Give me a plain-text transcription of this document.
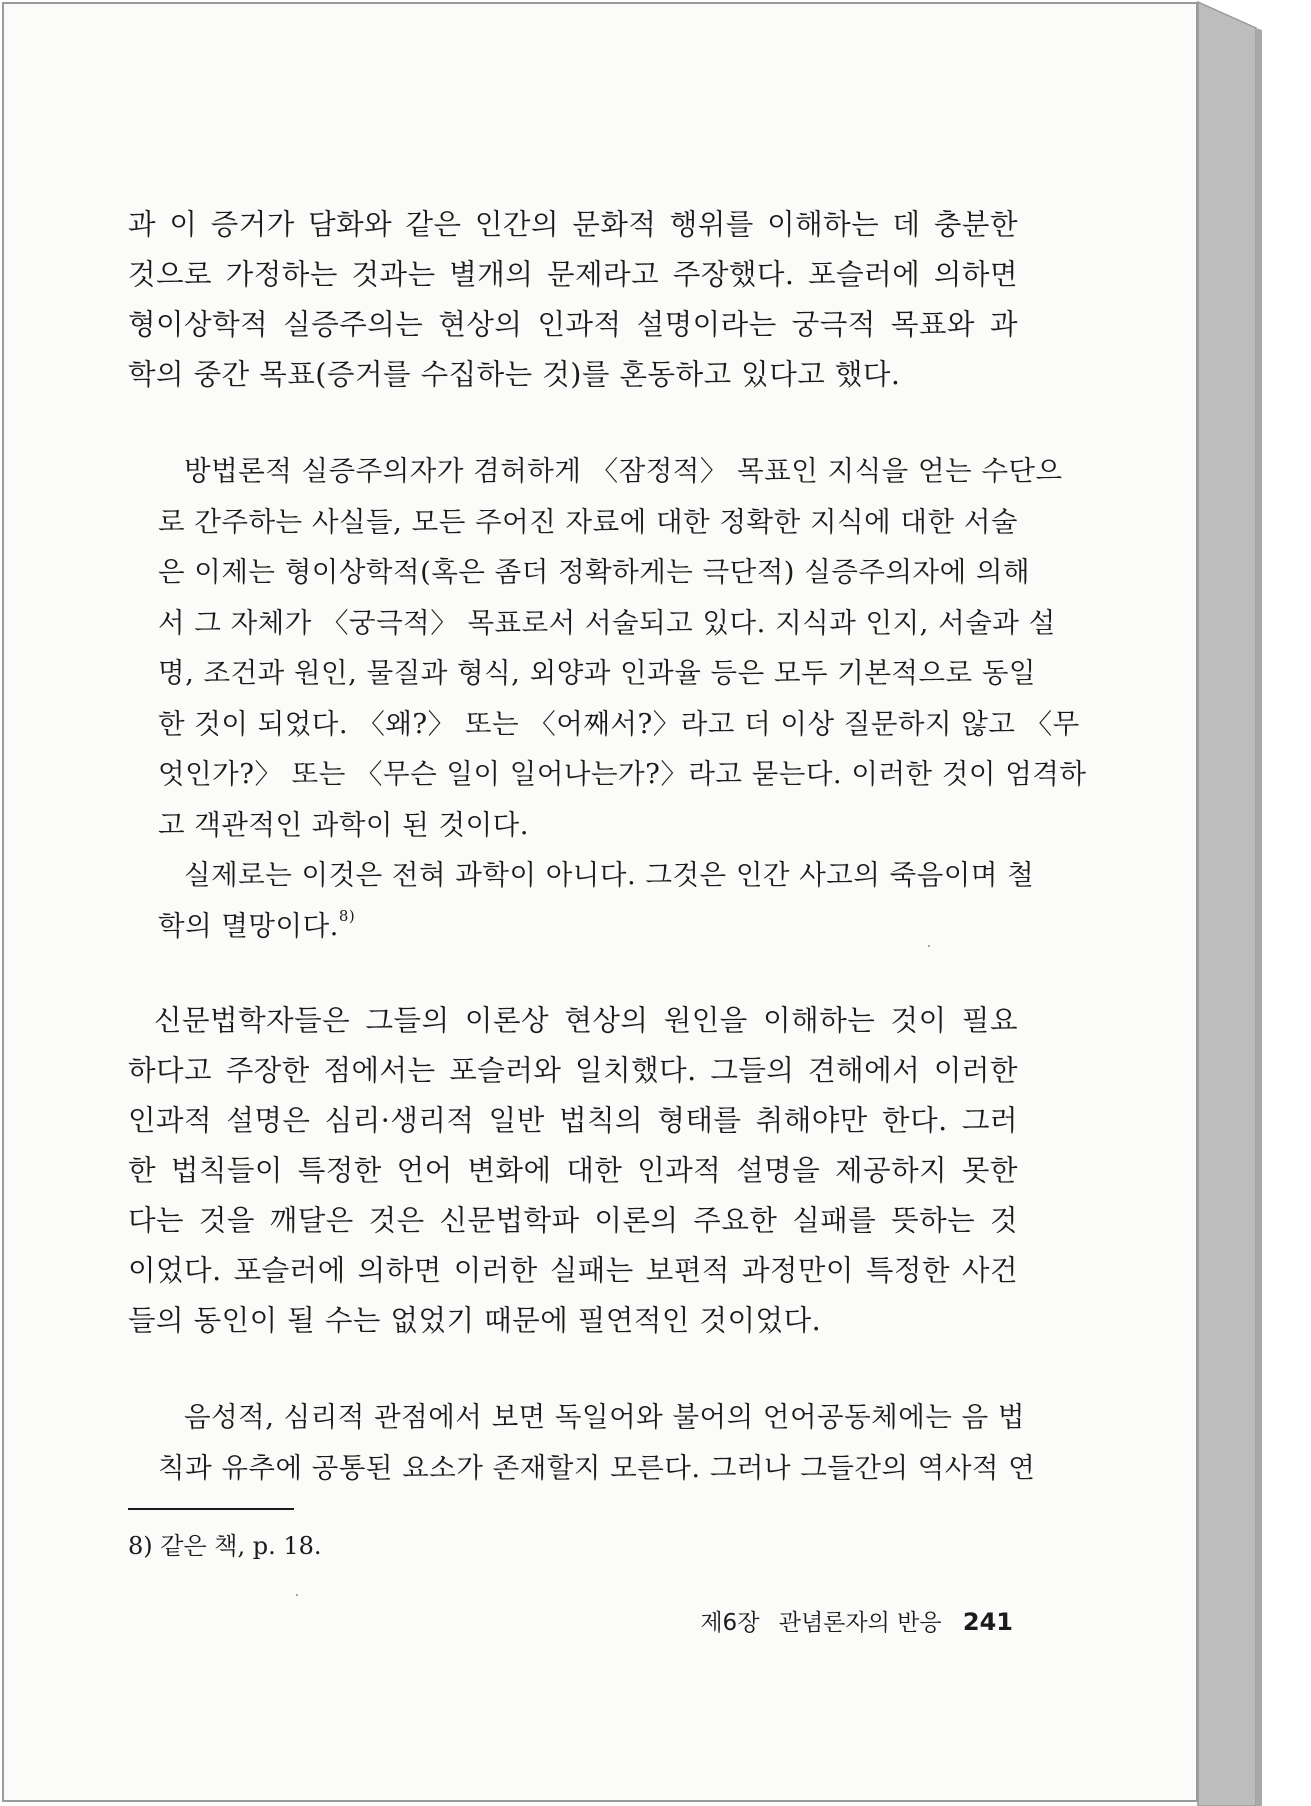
과 이 증거가 담화와 같은 인간의 문화적 행위를 이해하는 데 충분한
것으로 가정하는 것과는 별개의 문제라고 주장했다. 포슬러에 의하면
형이상학적 실증주의는 현상의 인과적 설명이라는 궁극적 목표와 과
학의 중간 목표(증거를 수집하는 것)를 혼동하고 있다고 했다.
방법론적 실증주의자가 겸허하게 〈잠정적〉 목표인 지식을 얻는 수단으
로 간주하는 사실들, 모든 주어진 자료에 대한 정확한 지식에 대한 서술
은 이제는 형이상학적(혹은 좀더 정확하게는 극단적) 실증주의자에 의해
서 그 자체가 〈궁극적〉 목표로서 서술되고 있다. 지식과 인지, 서술과 설
명, 조건과 원인, 물질과 형식, 외양과 인과율 등은 모두 기본적으로 동일
한 것이 되었다. 〈왜?〉 또는 〈어째서?〉라고 더 이상 질문하지 않고 〈무
엇인가?〉 또는 〈무슨 일이 일어나는가?〉라고 묻는다. 이러한 것이 엄격하
고 객관적인 과학이 된 것이다.
실제로는 이것은 전혀 과학이 아니다. 그것은 인간 사고의 죽음이며 철
학의 멸망이다.$^{8)}$
신문법학자들은 그들의 이론상 현상의 원인을 이해하는 것이 필요
하다고 주장한 점에서는 포슬러와 일치했다. 그들의 견해에서 이러한
인과적 설명은 심리·생리적 일반 법칙의 형태를 취해야만 한다. 그러
한 법칙들이 특정한 언어 변화에 대한 인과적 설명을 제공하지 못한
다는 것을 깨달은 것은 신문법학파 이론의 주요한 실패를 뜻하는 것
이었다. 포슬러에 의하면 이러한 실패는 보편적 과정만이 특정한 사건
들의 동인이 될 수는 없었기 때문에 필연적인 것이었다.
음성적, 심리적 관점에서 보면 독일어와 불어의 언어공동체에는 음 법
칙과 유추에 공통된 요소가 존재할지 모른다. 그러나 그들간의 역사적 연
8) 같은 책, p. 18.
제6장 관념론자의 반응 241
